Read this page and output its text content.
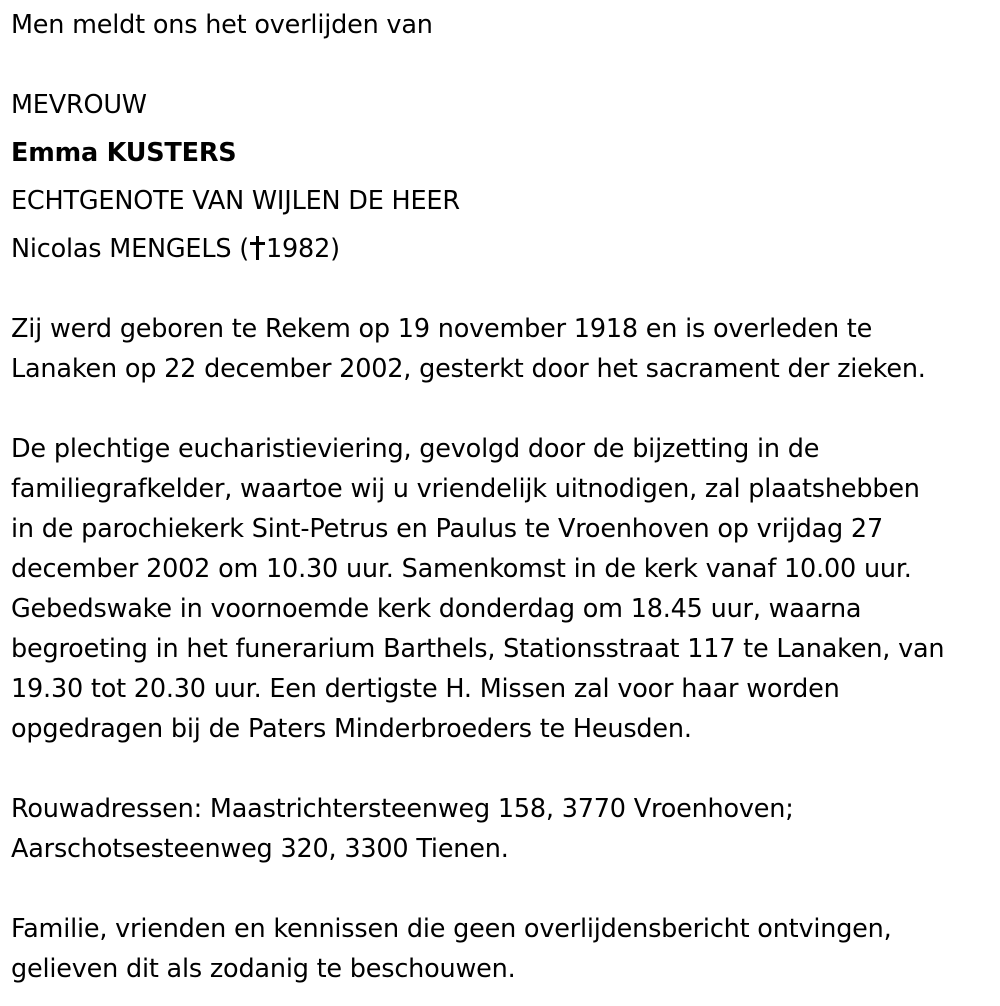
Men meldt ons het overlijden van
MEVROUW
Emma KUSTERS
ECHTGENOTE VAN WIJLEN DE HEER
Nicolas MENGELS ( 1982)
Zij werd geboren te Rekem op 19 november 1918 en is overleden te
Lanaken op 22 december 2002, gesterkt door het sacrament der zieken.
De plechtige eucharistieviering, gevolgd door de bijzetting in de
familiegrafkelder, waartoe wij u vriendelijk uitnodigen, zal plaatshebben
in de parochiekerk Sint-Petrus en Paulus te Vroenhoven op vrijdag 27
december 2002 om 10.30 uur. Samenkomst in de kerk vanaf 10.00 uur.
Gebedswake in voornoemde kerk donderdag om 18.45 uur, waarna
begroeting in het funerarium Barthels, Stationsstraat 117 te Lanaken, van
19.30 tot 20.30 uur. Een dertigste H. Missen zal voor haar worden
opgedragen bij de Paters Minderbroeders te Heusden.
Rouwadressen: Maastrichtersteenweg 158, 3770 Vroenhoven;
Aarschotsesteenweg 320, 3300 Tienen.
Familie, vrienden en kennissen die geen overlijdensbericht ontvingen,
gelieven dit als zodanig te beschouwen.
